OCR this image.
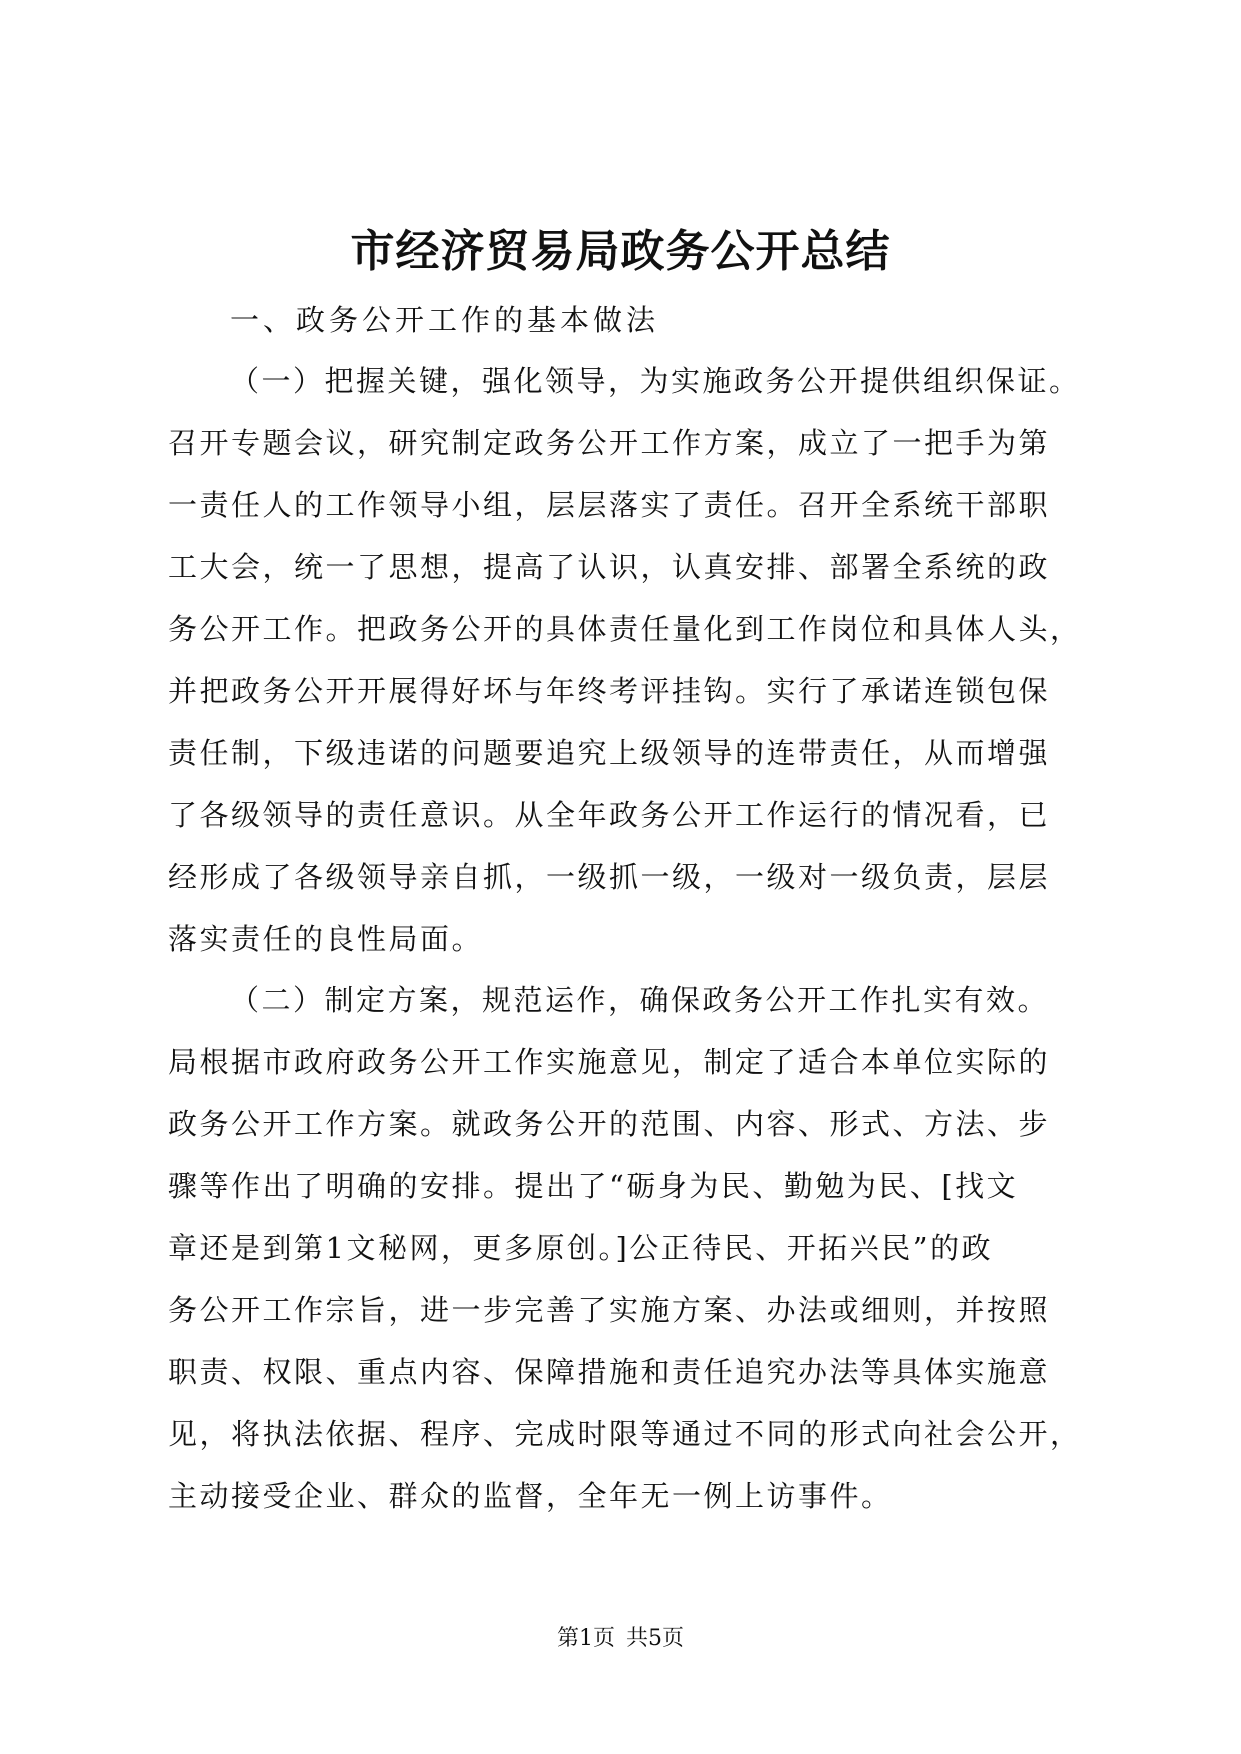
市经济贸易局政务公开总结

一、政务公开工作的基本做法

（一）把握关键，强化领导，为实施政务公开提供组织保证。
召开专题会议，研究制定政务公开工作方案，成立了一把手为第
一责任人的工作领导小组，层层落实了责任。召开全系统干部职
工大会，统一了思想，提高了认识，认真安排、部署全系统的政
务公开工作。把政务公开的具体责任量化到工作岗位和具体人头，
并把政务公开开展得好坏与年终考评挂钩。实行了承诺连锁包保
责任制，下级违诺的问题要追究上级领导的连带责任，从而增强
了各级领导的责任意识。从全年政务公开工作运行的情况看，已
经形成了各级领导亲自抓，一级抓一级，一级对一级负责，层层
落实责任的良性局面。
（二）制定方案，规范运作，确保政务公开工作扎实有效。
局根据市政府政务公开工作实施意见，制定了适合本单位实际的
政务公开工作方案。就政务公开的范围、内容、形式、方法、步
骤等作出了明确的安排。提出了“砺身为民、勤勉为民、[找文
章还是到第1文秘网，更多原创。]公正待民、开拓兴民”的政
务公开工作宗旨，进一步完善了实施方案、办法或细则，并按照
职责、权限、重点内容、保障措施和责任追究办法等具体实施意
见，将执法依据、程序、完成时限等通过不同的形式向社会公开，
主动接受企业、群众的监督，全年无一例上访事件。
第1页 共5页
